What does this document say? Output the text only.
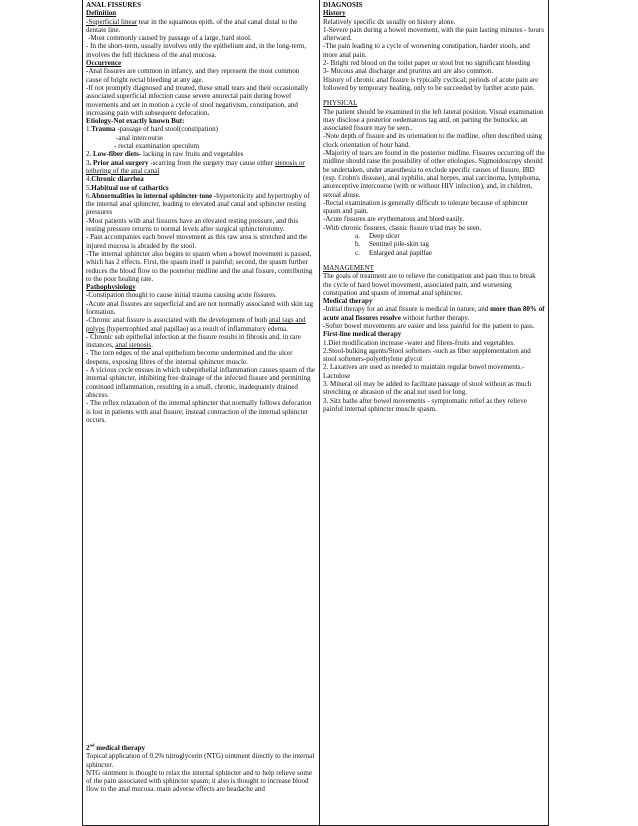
ANAL FISSURES

Definition

-Superficial linear tear in the squamous epith. of the anal canal distal to the dentate line.

-Most commonly caused by passage of a large, hard stool.

- In the short-term, usually involves only the epithelium and, in the long-term, involves the full thickness of the anal mucosa.

Occurrence

-Anal fissures are common in infancy, and they represent the most common cause of bright rectal bleeding at any age.

-If not promptly diagnosed and treated, these small tears and their occasionally associated superficial infection cause severe anorectal pain during bowel movements and set in motion a cycle of stool negativism, constipation, and increasing pain with subsequent defecation.

Etiology-Not exactly known But:

1.Trauma -passage of hard stool(constipation)

-anal intercourse

- rectal examination speculum

2. Low-fiber diets- lacking in raw fruits and vegetables

3. Prior anal surgery -scarring from the surgery may cause either stenosis or tethering of the anal canal

4.Chronic diarrhea

5.Habitual use of cathartics

6.Abnormalities in internal sphincter tone -hypertonicity and hypertrophy of the internal anal sphincter, leading to elevated anal canal and sphincter resting pressures

-Most patients with anal fissures have an elevated resting pressure, and this resting pressure returns to normal levels after surgical sphincterotomy.

- Pain accompanies each bowel movement as this raw area is stretched and the injured mucosa is abraded by the stool.

-The internal sphincter also begins to spasm when a bowel movement is passed, which has 2 effects. First, the spasm itself is painful; second, the spasm further reduces the blood flow to the posterior midline and the anal fissure, contributing to the poor healing rate.

Pathophysiology

-Constipation thought to cause initial trauma causing acute fissures.

-Acute anal fissures are superficial and are not normally associated with skin tag formation.

-Chronic anal fissure is associated with the development of both anal tags and polyps (hypertrophied anal papillae) as a result of inflammatory edema.

- Chronic sub epithelial infection at the fissure results in fibrosis and, in rare instances, anal stenosis.

- The torn edges of the anal epithelium become undermined and the ulcer deepens, exposing fibres of the internal sphincter muscle.

- A vicious cycle ensues in which subepithelial inflammation causes spasm of the internal sphincter, inhibiting free drainage of the infected fissure and permitting continued inflammation, resulting in a small, chronic, inadequately drained abscess.

- The reflex relaxation of the internal sphincter that normally follows defecation is lost in patients with anal fissure; instead contraction of the internal sphincter occurs.

2nd medical therapy

Topical application of 0.2% nitroglycerin (NTG) ointment directly to the internal sphincter.

NTG ointment is thought to relax the internal sphincter and to help relieve some of the pain associated with sphincter spasm; it also is thought to increase blood flow to the anal mucosa. main adverse effects are headache and

DIAGNOSIS

History

Relatively specific dx usually on history alone.

1-Severe pain during a bowel movement, with the pain lasting minutes - hours afterward.

-The pain leading to a cycle of worsening constipation, harder stools, and more anal pain.

2- Bright red blood on the toilet paper or stool but no significant bleeding

3- Mucous anal discharge and pruritus ani are also common.

History of chronic anal fissure is typically cyclical; periods of acute pain are followed by temporary healing, only to be succeeded by further acute pain.

PHYSICAL

The patient should be examined in the left lateral position. Visual examination may disclose a posterior oedematous tag and, on parting the buttocks, an associated fissure may be seen..

-Note depth of fissure and its orientation to the midline, often described using clock orientation of hour hand.

-Majority of tears are found in the posterior midline. Fissures occurring off the midline should raise the possibility of other etiologies. Sigmoidoscopy should be undertaken, under anaesthesia to exclude specific causes of fissure, IBD (esp. Crohn's disease), anal syphilis, anal herpes, anal carcinoma, lymphoma, anoreceptive intercourse (with or without HIV infection), and, in children, sexual abuse.

-Rectal examination is generally difficult to tolerate because of sphincter spasm and pain.

-Acute fissures are erythematous and bleed easily.

-With chronic fissures, classic fissure triad may be seen.

a. Deep ulcer

b. Sentinel pile-skin tag

c. Enlarged anal papillae

MANAGEMENT

The goals of treatment are to relieve the constipation and pain thus to break the cycle of hard bowel movement, associated pain, and worsening constipation and spasm of internal anal sphincter.

Medical therapy

-Initial therapy for an anal fissure is medical in nature, and more than 80% of acute anal fissures resolve without further therapy.

-Softer bowel movements are easier and less painful for the patient to pass.

First-line medical therapy

1.Diet modification increase -water and fibres-fruits and vegetables.

2.Stool-bulking agents/Stool softeners -such as fiber supplementation and stool softeners-polyethylene glycol

2. Laxatives are used as needed to maintain regular bowel movements.-Lactulose

3. Mineral oil may be added to facilitate passage of stool without as much stretching or abrasion of the anal not used for long.

3. Sitz baths after bowel movements - symptomatic relief as they relieve painful internal sphincter muscle spasm.
